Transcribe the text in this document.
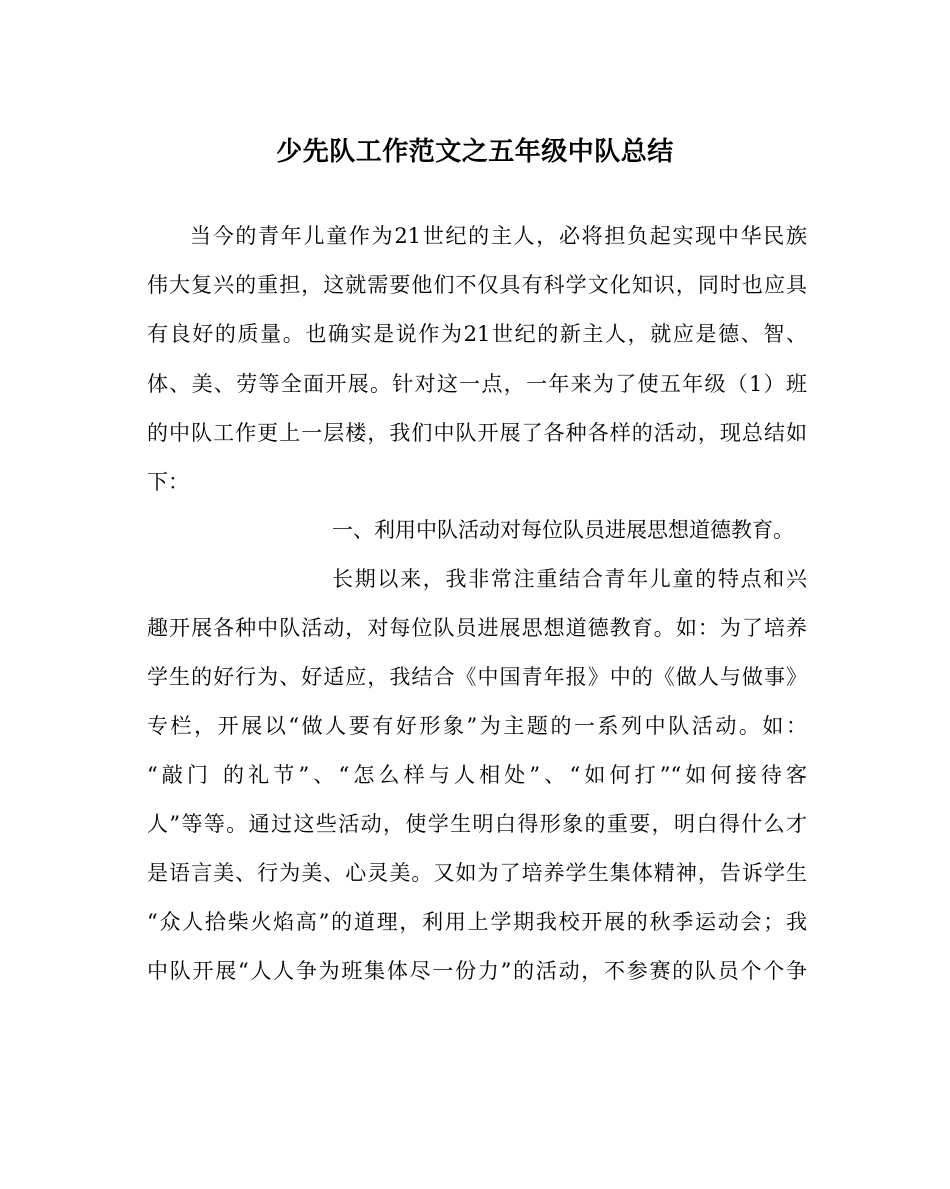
少先队工作范文之五年级中队总结
当今的青年儿童作为21世纪的主人，必将担负起实现中华民族
伟大复兴的重担，这就需要他们不仅具有科学文化知识，同时也应具
有良好的质量。也确实是说作为21世纪的新主人，就应是德、智、
体、美、劳等全面开展。针对这一点，一年来为了使五年级（1）班
的中队工作更上一层楼，我们中队开展了各种各样的活动，现总结如
下：
一、利用中队活动对每位队员进展思想道德教育。
长期以来，我非常注重结合青年儿童的特点和兴
趣开展各种中队活动，对每位队员进展思想道德教育。如：为了培养
学生的好行为、好适应，我结合《中国青年报》中的《做人与做事》
专栏，开展以“做人要有好形象”为主题的一系列中队活动。如：
“敲门 的礼节”、“怎么样与人相处”、“如何打”“如何接待客
人”等等。通过这些活动，使学生明白得形象的重要，明白得什么才
是语言美、行为美、心灵美。又如为了培养学生集体精神，告诉学生
“众人拾柴火焰高”的道理，利用上学期我校开展的秋季运动会；我
中队开展“人人争为班集体尽一份力”的活动，不参赛的队员个个争
